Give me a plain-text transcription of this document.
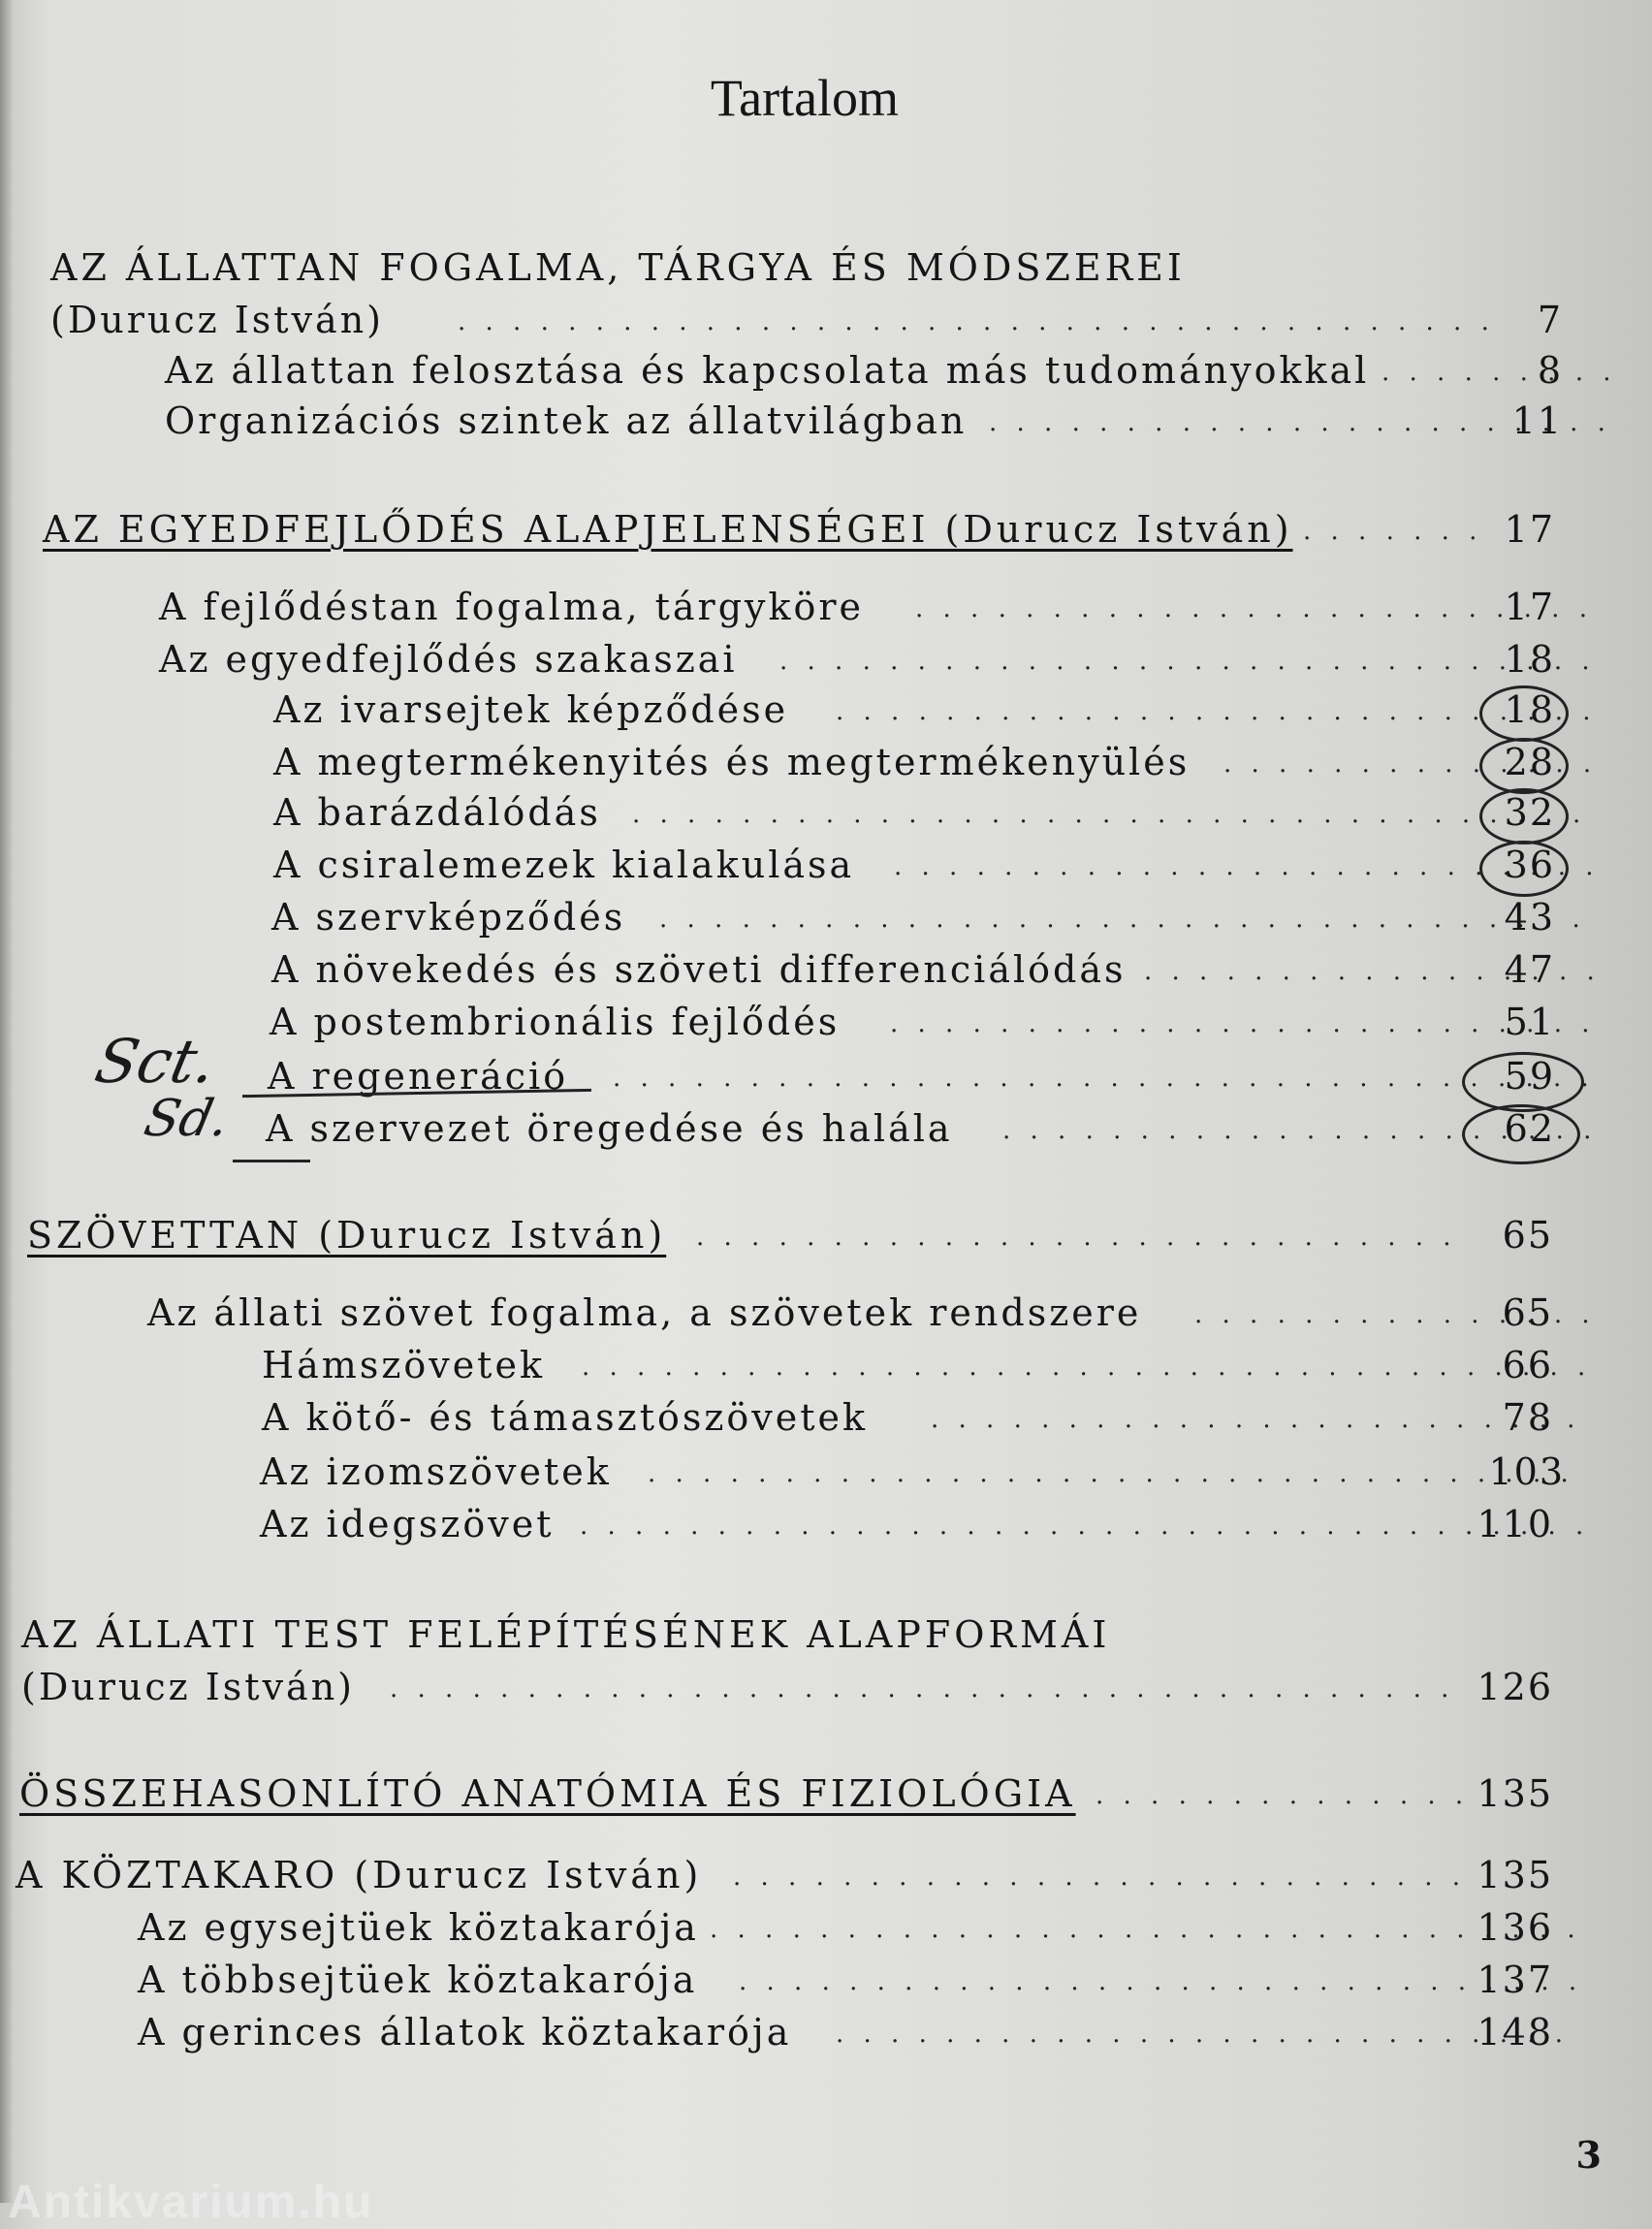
Tartalom
AZ ÁLLATTAN FOGALMA, TÁRGYA ÉS MÓDSZEREI
(Durucz István) . . .	7
Az állattan felosztása és kapcsolata más tudományokkal . . .	8
Organizációs szintek az állatvilágban . . .	11
AZ EGYEDFEJLŐDÉS ALAPJELENSÉGEI (Durucz István) . . .	17
A fejlődéstan fogalma, tárgyköre . . .	17
Az egyedfejlődés szakaszai . . .	18
Az ivarsejtek képződése . . .	18
A megtermékenyités és megtermékenyülés . . .	28
A barázdálódás . . .	32
A csiralemezek kialakulása . . .	36
A szervképződés . . .	43
A növekedés és szöveti differenciálódás . . .	47
A postembrionális fejlődés . . .	51
A regeneráció . . .	59
A szervezet öregedése és halála . . .	62
Sct.
Sd.
SZÖVETTAN (Durucz István) . . .	65
Az állati szövet fogalma, a szövetek rendszere . . .	65
Hámszövetek . . .	66
A kötő- és támasztószövetek . . .	78
Az izomszövetek . . .	103
Az idegszövet . . .	110
AZ ÁLLATI TEST FELÉPÍTÉSÉNEK ALAPFORMÁI
(Durucz István) . . .	126
ÖSSZEHASONLÍTÓ ANATÓMIA ÉS FIZIOLÓGIA . . .	135
A KÖZTAKARO (Durucz István) . . .	135
Az egysejtüek köztakarója . . .	136
A többsejtüek köztakarója . . .	137
A gerinces állatok köztakarója . . .	148
3
Antikvarium.hu
